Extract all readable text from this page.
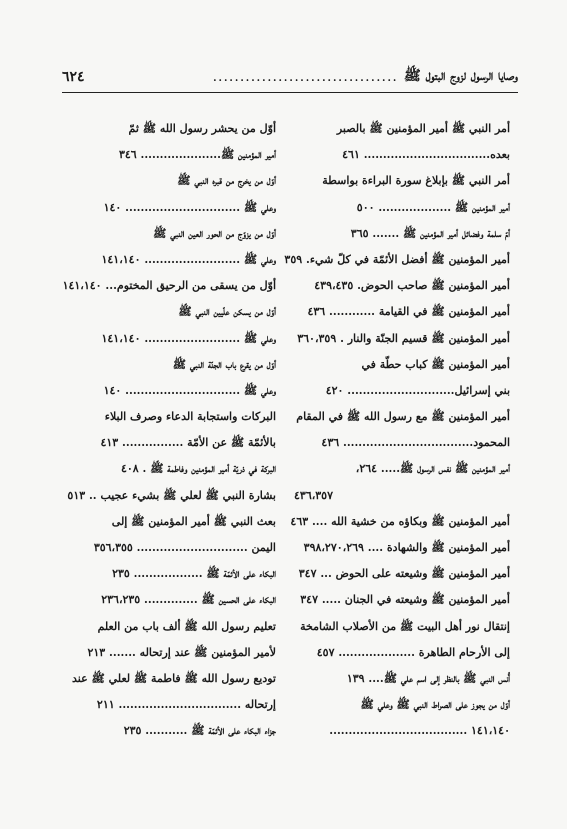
وصايا الرسول لزوج البتول ﷺ
..................................
٦٢٤
أمر النبي ﷺ أمير المؤمنين ﷺ بالصبر
بعده................................. ٤٦١
أمر النبي ﷺ بإبلاغ سورة البراءة بواسطة
أمير المؤمنين ﷺ ................... ٥٠٠
أمّ سلمة وفضائل أمير المؤمنين ﷺ ....... ٣٦٥
أمير المؤمنين ﷺ أفضل الأئمّة في كلّ شيء. ٣٥٩
أمير المؤمنين ﷺ صاحب الحوض. ٤٣٩،٤٣٥
أمير المؤمنين ﷺ في القيامة ............ ٤٣٦
أمير المؤمنين ﷺ قسيم الجنّة والنار . ٣٦٠،٣٥٩
أمير المؤمنين ﷺ كباب حطّة في
بني إسرائيل............................ ٤٢٠
أمير المؤمنين ﷺ مع رسول الله ﷺ في المقام
المحمود.................................. ٤٣٦
أمير المؤمنين ﷺ نفس الرسول ﷺ..... ٢٦٤،
٤٣٦،٣٥٧
أمير المؤمنين ﷺ وبكاؤه من خشية الله .... ٤٦٣
أمير المؤمنين ﷺ والشهادة .... ٣٩٨،٢٧٠،٢٦٩
أمير المؤمنين ﷺ وشيعته على الحوض ... ٣٤٧
أمير المؤمنين ﷺ وشيعته في الجنان ..... ٣٤٧
إنتقال نور أهل البيت ﷺ من الأصلاب الشامخة
إلى الأرحام الطاهرة .................... ٤٥٧
أُنس النبي ﷺ بالنظر إلى اسم علي ﷺ.... ١٣٩
أوّل من يجوز على الصراط النبي ﷺ وعلي ﷺ
١٤١،١٤٠ ....................................
أوّل من يحشر رسول الله ﷺ ثمّ
أمير المؤمنين ﷺ..................... ٣٤٦
أوّل من يخرج من قبره النبي ﷺ
وعلي ﷺ .............................. ١٤٠
أوّل من يزوّج من الحور العين النبي ﷺ
وعلي ﷺ ......................... ١٤١،١٤٠
أوّل من يسقى من الرحيق المختوم... ١٤١،١٤٠
أوّل من يسكن علّيين النبي ﷺ
وعلي ﷺ ......................... ١٤١،١٤٠
أوّل من يقرع باب الجنّة النبي ﷺ
وعلي ﷺ .............................. ١٤٠
البركات واستجابة الدعاء وصرف البلاء
بالأئمّة ﷺ عن الأمّة ................ ٤١٣
البركة في ذريّة أمير المؤمنين وفاطمة ﷺ . ٤٠٨
بشارة النبي ﷺ لعلي ﷺ بشيء عجيب .. ٥١٣
بعث النبي ﷺ أمير المؤمنين ﷺ إلى
اليمن ............................. ٣٥٦،٣٥٥
البكاء على الأئمّة ﷺ .................. ٢٣٥
البكاء على الحسين ﷺ .............. ٢٣٦،٢٣٥
تعليم رسول الله ﷺ ألف باب من العلم
لأمير المؤمنين ﷺ عند إرتحاله ....... ٢١٣
توديع رسول الله ﷺ فاطمة ﷺ لعلي ﷺ عند
إرتحاله ................................ ٢١١
جزاء البكاء على الأئمّة ﷺ ........... ٢٣٥
